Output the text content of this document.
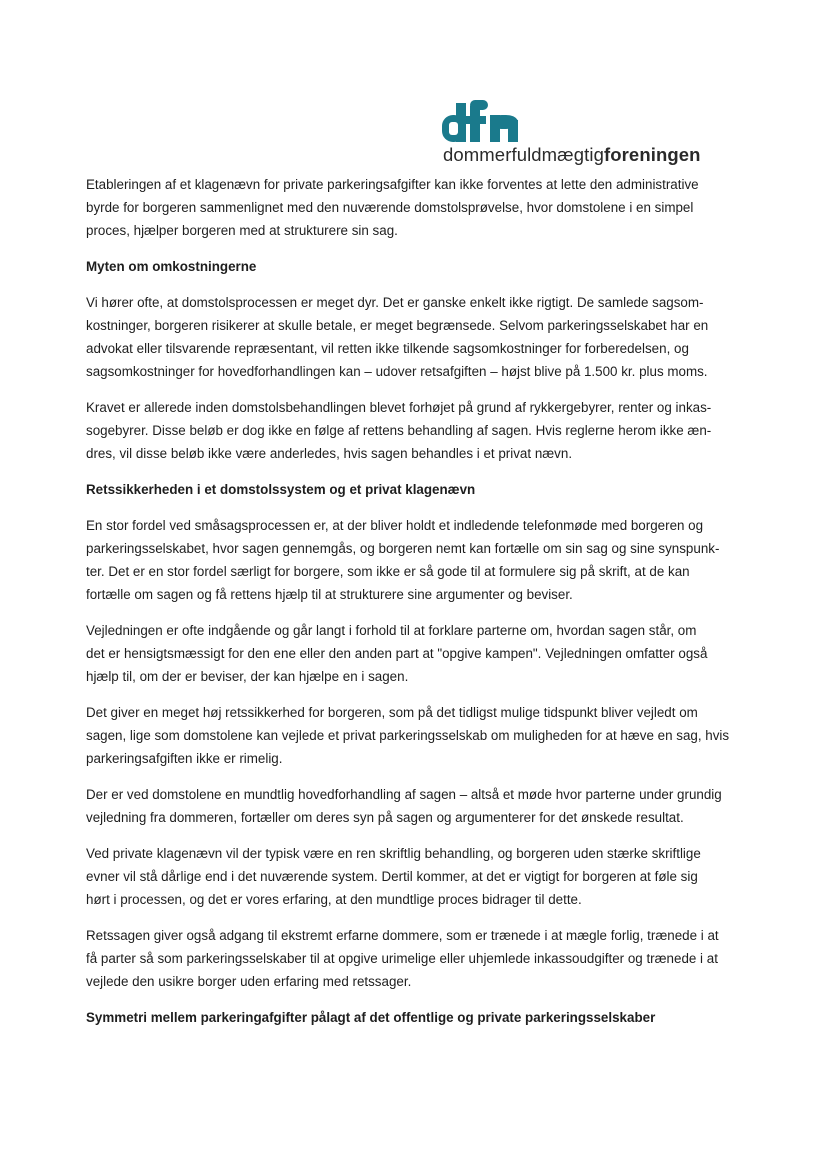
dommerfuldmægtigforeningen

Etableringen af et klagenævn for private parkeringsafgifter kan ikke forventes at lette den administrative
byrde for borgeren sammenlignet med den nuværende domstolsprøvelse, hvor domstolene i en simpel
proces, hjælper borgeren med at strukturere sin sag.

Myten om omkostningerne

Vi hører ofte, at domstolsprocessen er meget dyr. Det er ganske enkelt ikke rigtigt. De samlede sagsom-
kostninger, borgeren risikerer at skulle betale, er meget begrænsede. Selvom parkeringsselskabet har en
advokat eller tilsvarende repræsentant, vil retten ikke tilkende sagsomkostninger for forberedelsen, og
sagsomkostninger for hovedforhandlingen kan – udover retsafgiften – højst blive på 1.500 kr. plus moms.

Kravet er allerede inden domstolsbehandlingen blevet forhøjet på grund af rykkergebyrer, renter og inkas-
sogebyrer. Disse beløb er dog ikke en følge af rettens behandling af sagen. Hvis reglerne herom ikke æn-
dres, vil disse beløb ikke være anderledes, hvis sagen behandles i et privat nævn.

Retssikkerheden i et domstolssystem og et privat klagenævn

En stor fordel ved småsagsprocessen er, at der bliver holdt et indledende telefonmøde med borgeren og
parkeringsselskabet, hvor sagen gennemgås, og borgeren nemt kan fortælle om sin sag og sine synspunk-
ter. Det er en stor fordel særligt for borgere, som ikke er så gode til at formulere sig på skrift, at de kan
fortælle om sagen og få rettens hjælp til at strukturere sine argumenter og beviser.

Vejledningen er ofte indgående og går langt i forhold til at forklare parterne om, hvordan sagen står, om
det er hensigtsmæssigt for den ene eller den anden part at "opgive kampen". Vejledningen omfatter også
hjælp til, om der er beviser, der kan hjælpe en i sagen.

Det giver en meget høj retssikkerhed for borgeren, som på det tidligst mulige tidspunkt bliver vejledt om
sagen, lige som domstolene kan vejlede et privat parkeringsselskab om muligheden for at hæve en sag, hvis
parkeringsafgiften ikke er rimelig.

Der er ved domstolene en mundtlig hovedforhandling af sagen – altså et møde hvor parterne under grundig
vejledning fra dommeren, fortæller om deres syn på sagen og argumenterer for det ønskede resultat.

Ved private klagenævn vil der typisk være en ren skriftlig behandling, og borgeren uden stærke skriftlige
evner vil stå dårlige end i det nuværende system. Dertil kommer, at det er vigtigt for borgeren at føle sig
hørt i processen, og det er vores erfaring, at den mundtlige proces bidrager til dette.

Retssagen giver også adgang til ekstremt erfarne dommere, som er trænede i at mægle forlig, trænede i at
få parter så som parkeringsselskaber til at opgive urimelige eller uhjemlede inkassoudgifter og trænede i at
vejlede den usikre borger uden erfaring med retssager.

Symmetri mellem parkeringafgifter pålagt af det offentlige og private parkeringsselskaber
